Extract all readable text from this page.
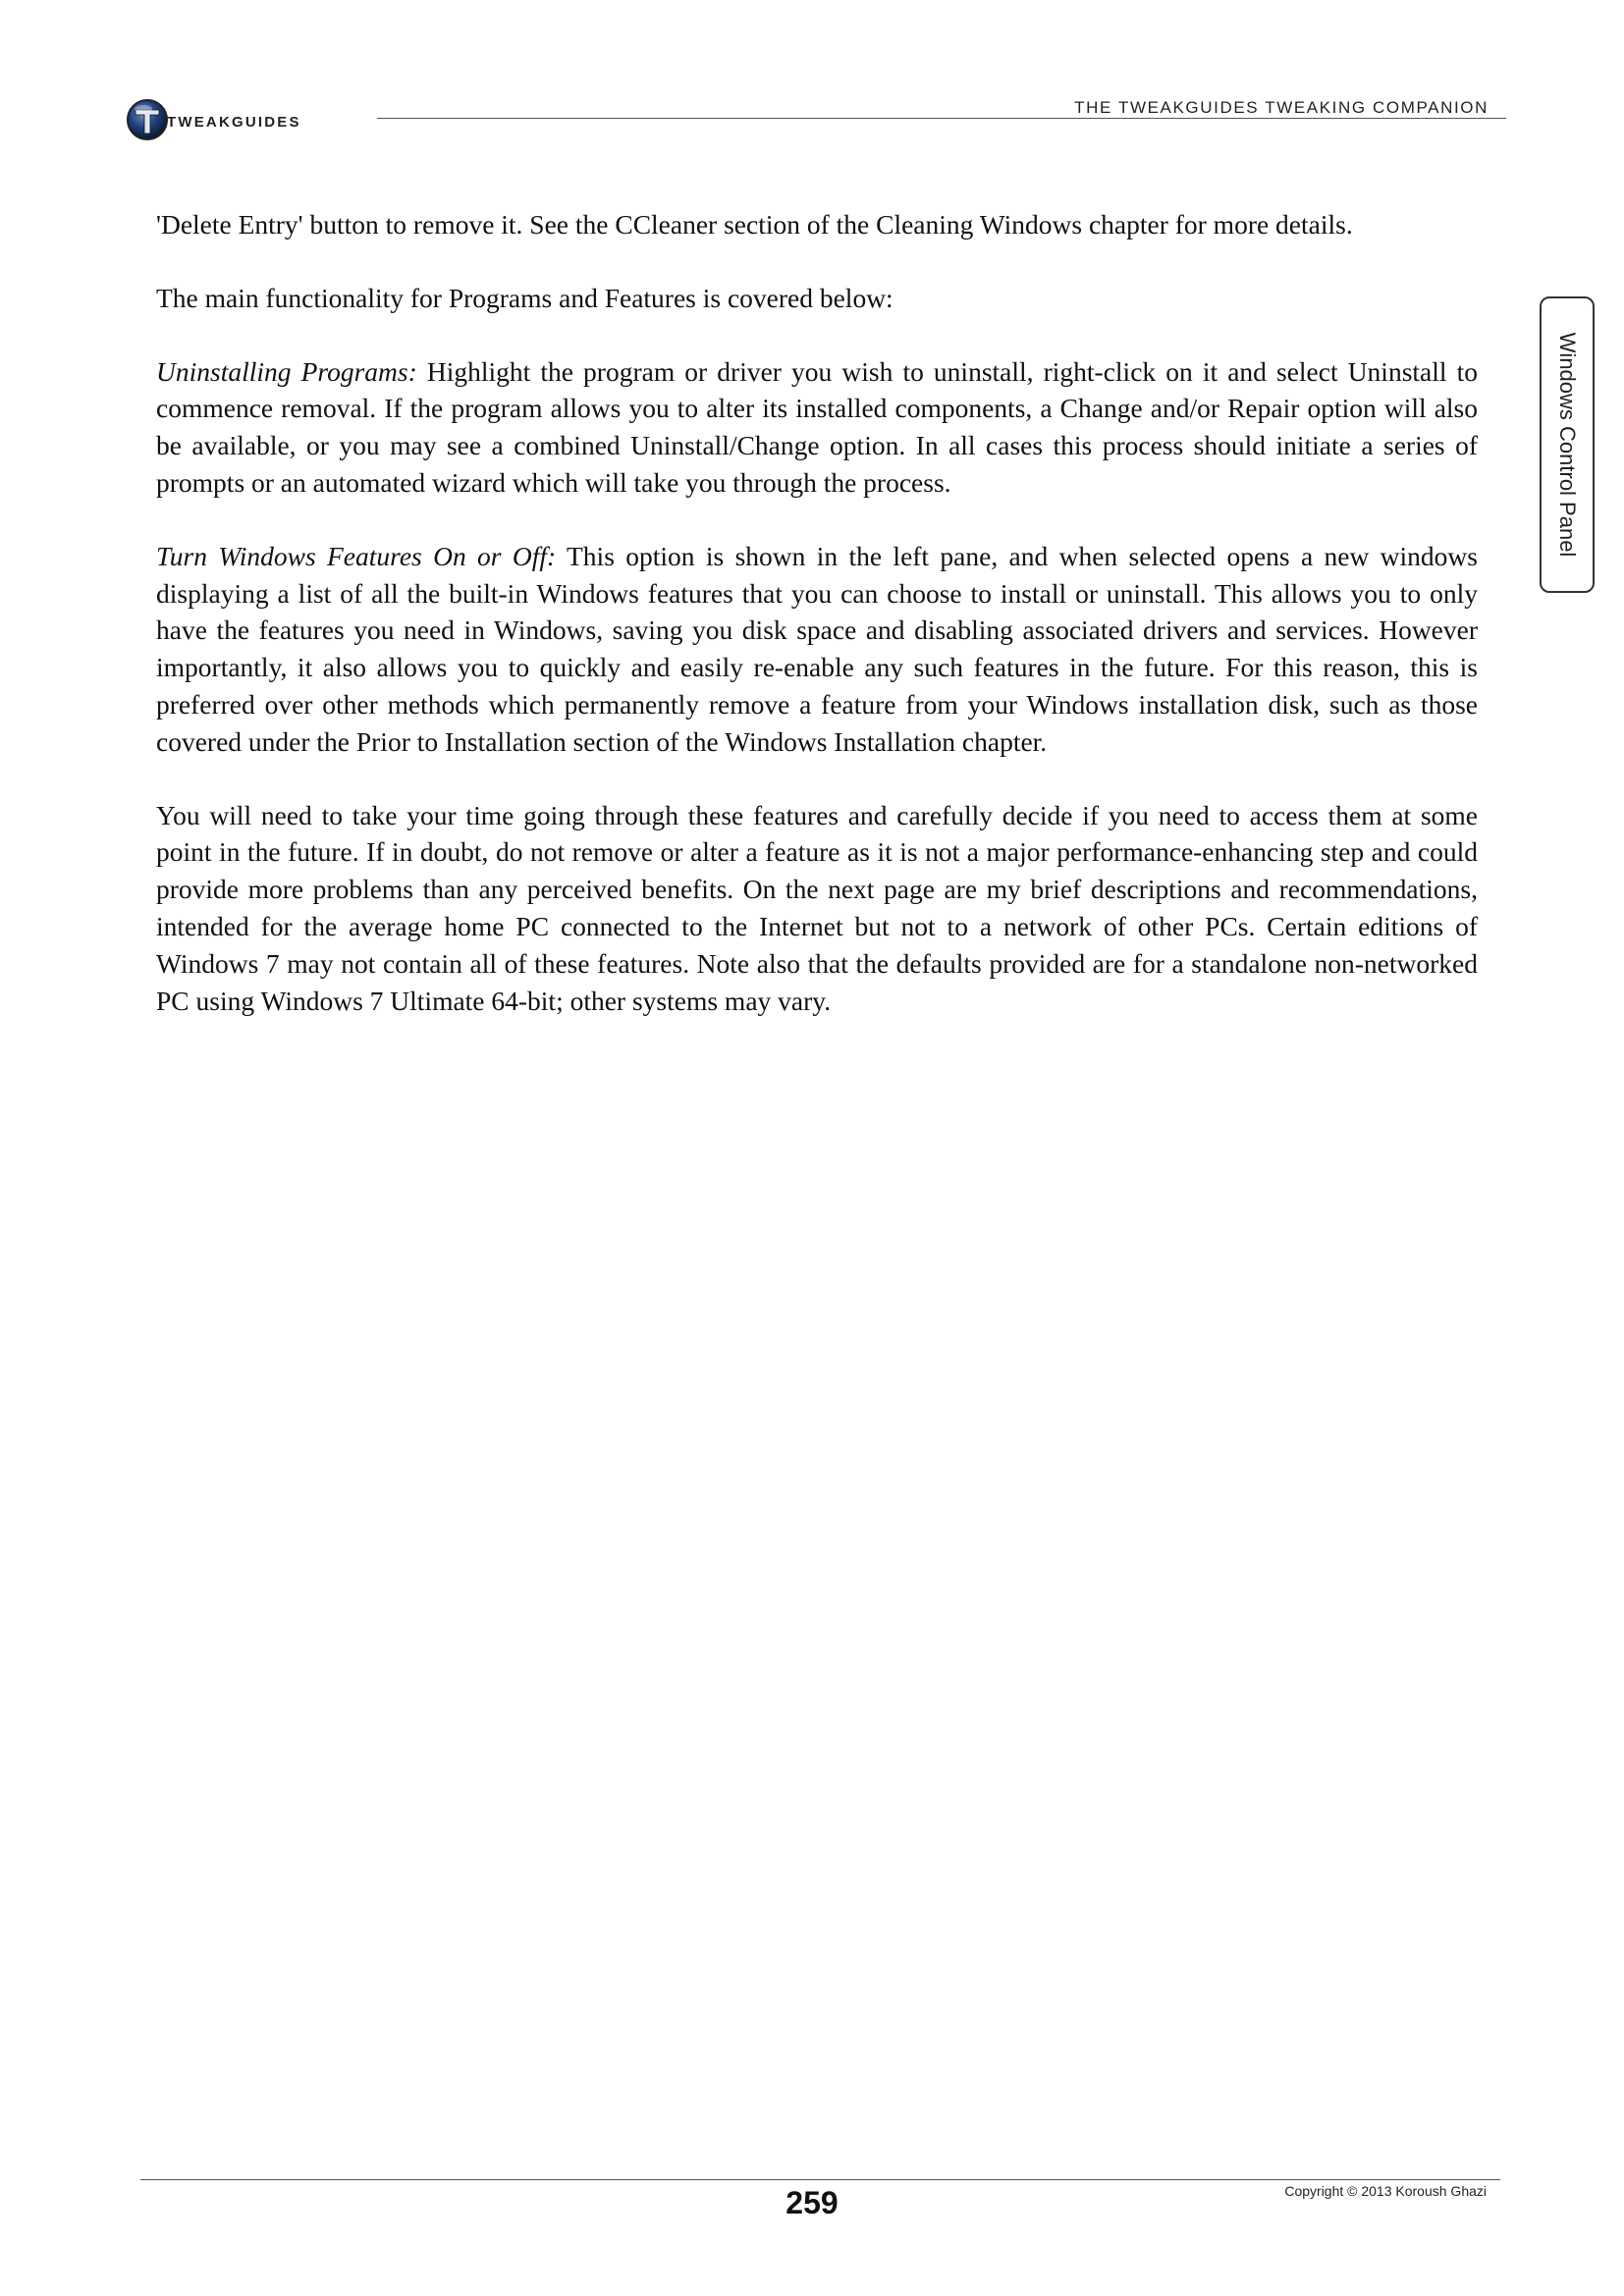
TWEAKGUIDES
THE TWEAKGUIDES TWEAKING COMPANION
Windows Control Panel

'Delete Entry' button to remove it. See the CCleaner section of the Cleaning Windows chapter for more details.

The main functionality for Programs and Features is covered below:

Uninstalling Programs: Highlight the program or driver you wish to uninstall, right-click on it and select Uninstall to commence removal. If the program allows you to alter its installed components, a Change and/or Repair option will also be available, or you may see a combined Uninstall/Change option. In all cases this process should initiate a series of prompts or an automated wizard which will take you through the process.

Turn Windows Features On or Off: This option is shown in the left pane, and when selected opens a new windows displaying a list of all the built-in Windows features that you can choose to install or uninstall. This allows you to only have the features you need in Windows, saving you disk space and disabling associated drivers and services. However importantly, it also allows you to quickly and easily re-enable any such features in the future. For this reason, this is preferred over other methods which permanently remove a feature from your Windows installation disk, such as those covered under the Prior to Installation section of the Windows Installation chapter.

You will need to take your time going through these features and carefully decide if you need to access them at some point in the future. If in doubt, do not remove or alter a feature as it is not a major performance-enhancing step and could provide more problems than any perceived benefits. On the next page are my brief descriptions and recommendations, intended for the average home PC connected to the Internet but not to a network of other PCs. Certain editions of Windows 7 may not contain all of these features. Note also that the defaults provided are for a standalone non-networked PC using Windows 7 Ultimate 64-bit; other systems may vary.

259	Copyright © 2013 Koroush Ghazi
